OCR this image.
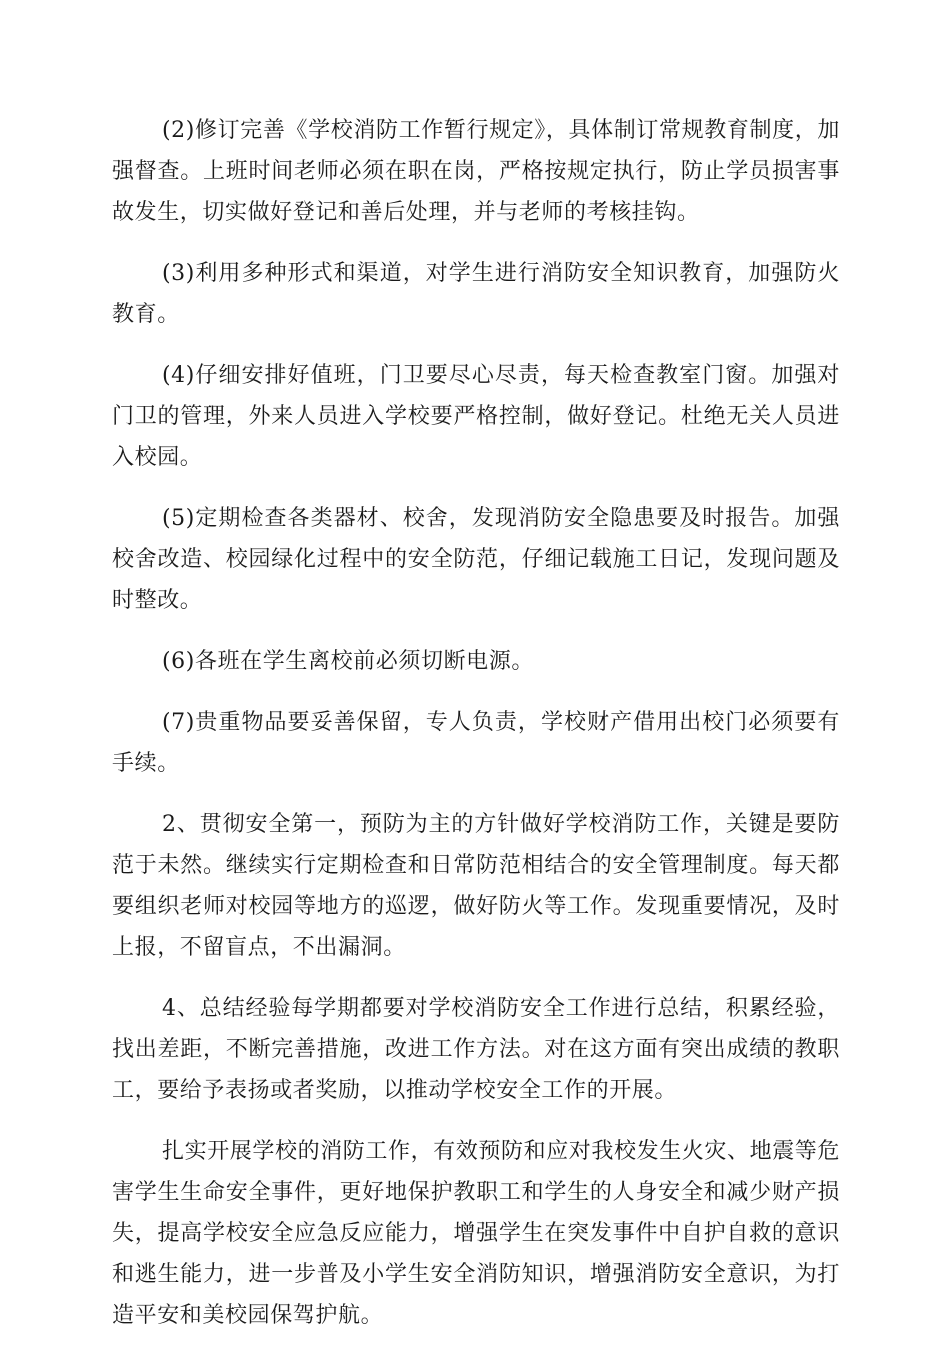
(2)修订完善《学校消防工作暂行规定》，具体制订常规教育制度，加强督查。上班时间老师必须在职在岗，严格按规定执行，防止学员损害事故发生，切实做好登记和善后处理，并与老师的考核挂钩。

(3)利用多种形式和渠道，对学生进行消防安全知识教育，加强防火教育。

(4)仔细安排好值班，门卫要尽心尽责，每天检查教室门窗。加强对门卫的管理，外来人员进入学校要严格控制，做好登记。杜绝无关人员进入校园。

(5)定期检查各类器材、校舍，发现消防安全隐患要及时报告。加强校舍改造、校园绿化过程中的安全防范，仔细记载施工日记，发现问题及时整改。

(6)各班在学生离校前必须切断电源。

(7)贵重物品要妥善保留，专人负责，学校财产借用出校门必须要有手续。

2、贯彻安全第一，预防为主的方针做好学校消防工作，关键是要防范于未然。继续实行定期检查和日常防范相结合的安全管理制度。每天都要组织老师对校园等地方的巡逻，做好防火等工作。发现重要情况，及时上报，不留盲点，不出漏洞。

4、总结经验每学期都要对学校消防安全工作进行总结，积累经验，找出差距，不断完善措施，改进工作方法。对在这方面有突出成绩的教职工，要给予表扬或者奖励，以推动学校安全工作的开展。

扎实开展学校的消防工作，有效预防和应对我校发生火灾、地震等危害学生生命安全事件，更好地保护教职工和学生的人身安全和减少财产损失，提高学校安全应急反应能力，增强学生在突发事件中自护自救的意识和逃生能力，进一步普及小学生安全消防知识，增强消防安全意识，为打造平安和美校园保驾护航。
